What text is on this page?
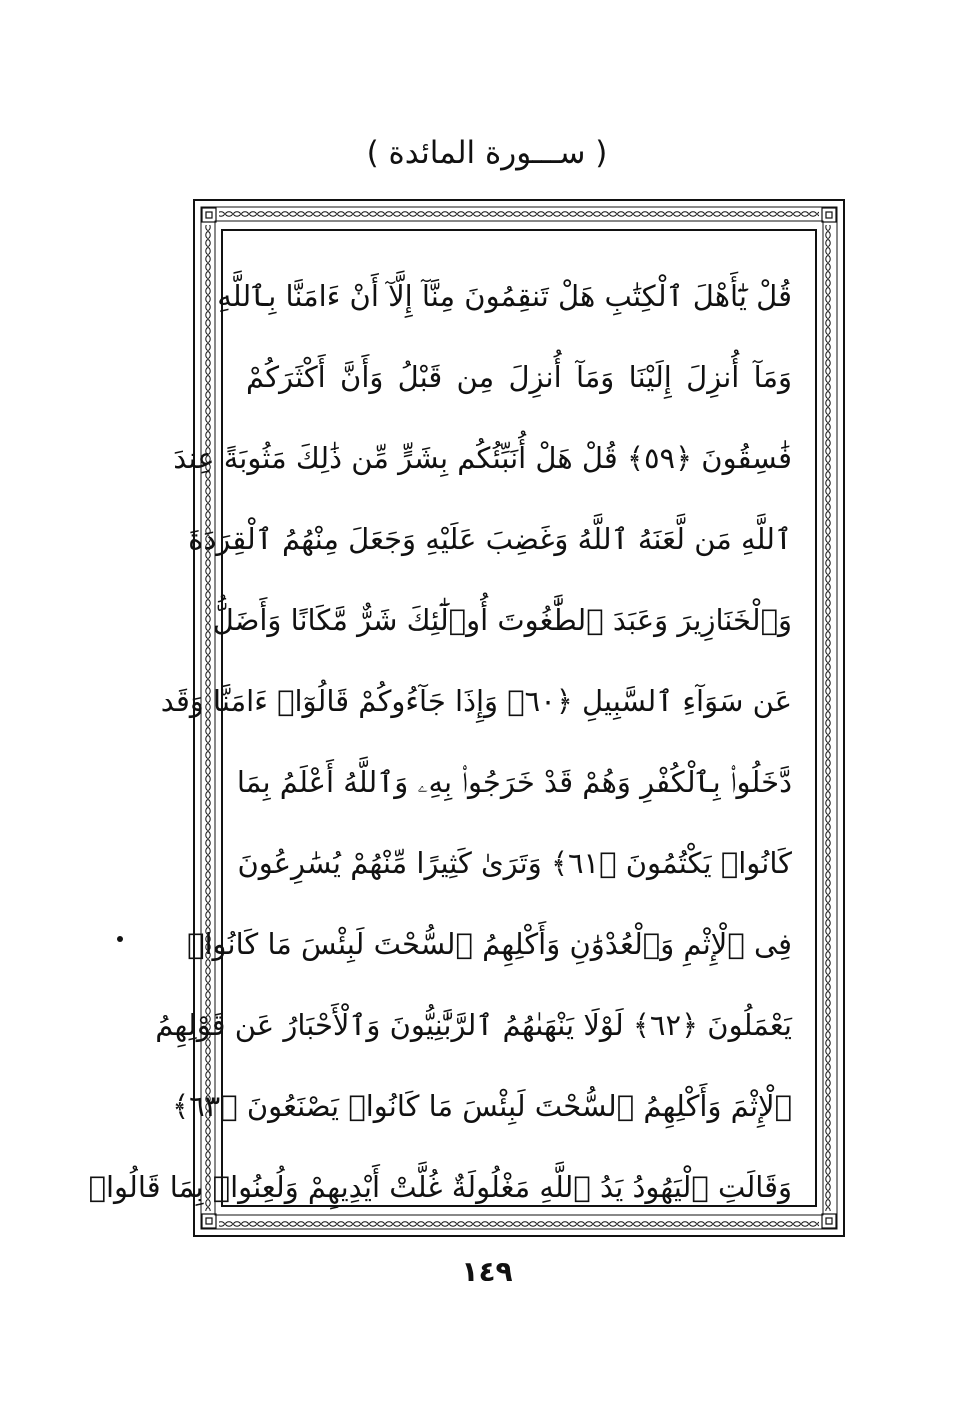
( ســـورة المائدة )
قُلْ يَٰٓأَهْلَ ٱلْكِتَٰبِ هَلْ تَنقِمُونَ مِنَّآ إِلَّآ أَنْ ءَامَنَّا بِٱللَّهِ
وَمَآ أُنزِلَ إِلَيْنَا وَمَآ أُنزِلَ مِن قَبْلُ وَأَنَّ أَكْثَرَكُمْ
فَٰسِقُونَ ﴿٥٩﴾ قُلْ هَلْ أُنَبِّئُكُم بِشَرٍّ مِّن ذَٰلِكَ مَثُوبَةً عِندَ
ٱللَّهِ مَن لَّعَنَهُ ٱللَّهُ وَغَضِبَ عَلَيْهِ وَجَعَلَ مِنْهُمُ ٱلْقِرَدَةَ
وَٱلْخَنَازِيرَ وَعَبَدَ ٱلطَّٰغُوتَ أُو۟لَٰٓئِكَ شَرٌّ مَّكَانًا وَأَضَلُّ
عَن سَوَآءِ ٱلسَّبِيلِ ﴿٦٠﴾ وَإِذَا جَآءُوكُمْ قَالُوٓا۟ ءَامَنَّا وَقَد
دَّخَلُوا۟ بِٱلْكُفْرِ وَهُمْ قَدْ خَرَجُوا۟ بِهِۦ وَٱللَّهُ أَعْلَمُ بِمَا
كَانُوا۟ يَكْتُمُونَ ﴿٦١﴾ وَتَرَىٰ كَثِيرًا مِّنْهُمْ يُسَٰرِعُونَ
فِى ٱلْإِثْمِ وَٱلْعُدْوَٰنِ وَأَكْلِهِمُ ٱلسُّحْتَ لَبِئْسَ مَا كَانُوا۟
يَعْمَلُونَ ﴿٦٢﴾ لَوْلَا يَنْهَىٰهُمُ ٱلرَّبَّٰنِيُّونَ وَٱلْأَحْبَارُ عَن قَوْلِهِمُ
ٱلْإِثْمَ وَأَكْلِهِمُ ٱلسُّحْتَ لَبِئْسَ مَا كَانُوا۟ يَصْنَعُونَ ﴿٦٣﴾
وَقَالَتِ ٱلْيَهُودُ يَدُ ٱللَّهِ مَغْلُولَةٌ غُلَّتْ أَيْدِيهِمْ وَلُعِنُوا۟ بِمَا قَالُوا۟
١٤٩
